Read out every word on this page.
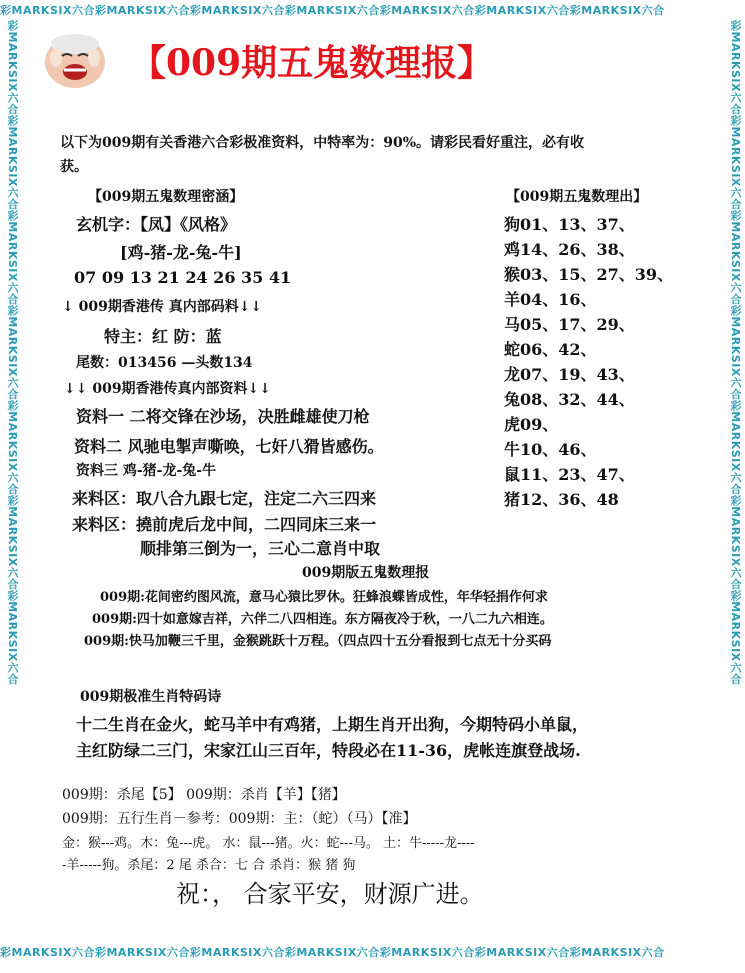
彩MARKSIX六合彩MARKSIX六合彩MARKSIX六合彩MARKSIX六合彩MARKSIX六合彩MARKSIX六合彩MARKSIX六合
彩MARKSIX六合彩MARKSIX六合彩MARKSIX六合彩MARKSIX六合彩MARKSIX六合彩MARKSIX六合彩MARKSIX六合
彩MARKSIX六合彩MARKSIX六合彩MARKSIX六合彩MARKSIX六合彩MARKSIX六合彩MARKSIX六合彩MARKSIX六合	彩MARKSIX六合彩MARKSIX六合彩MARKSIX六合彩MARKSIX六合彩MARKSIX六合彩MARKSIX六合彩MARKSIX六合
【009期五鬼数理报】
以下为009期有关香港六合彩极准资料，中特率为：90%。请彩民看好重注，必有收
获。
【009期五鬼数理密涵】
玄机字：【凤】《风格》
[鸡-猪-龙-兔-牛]
07 09 13 21 24 26 35 41
↓ 009期香港传 真内部码料↓↓
特主：红 防：蓝
尾数：013456 —头数134
↓↓ 009期香港传真内部资料↓↓
资料一 二将交锋在沙场，决胜雌雄使刀枪
资料二 风驰电掣声嘶唤，七奸八猾皆感伤。
资料三 鸡-猪-龙-兔-牛
来料区：取八合九跟七定，注定二六三四来
来料区：撓前虎后龙中间，二四同床三来一
顺排第三倒为一，三心二意肖中取
【009期五鬼数理出】
狗01、13、37、
鸡14、26、38、
猴03、15、27、39、
羊04、16、
马05、17、29、
蛇06、42、
龙07、19、43、
兔08、32、44、
虎09、
牛10、46、
鼠11、23、47、
猪12、36、48
009期版五鬼数理报
009期:花间密约图风流，意马心猿比罗休。狂蜂浪蝶皆成性，年华轻捐作何求
009期:四十如意嫁吉祥，六伴二八四相连。东方隔夜冷于秋，一八二九六相连。
009期:快马加鞭三千里，金猴跳跃十万程。（四点四十五分看报到七点无十分买码
009期极准生肖特码诗
十二生肖在金火，蛇马羊中有鸡猪，上期生肖开出狗，今期特码小单鼠，
主红防绿二三门，宋家江山三百年，特段必在11-36，虎帐连旗登战场.
009期：杀尾【5】 009期：杀肖【羊】【猪】
009期：五行生肖－参考：009期：主：（蛇）（马）【准】
金：猴---鸡。木：兔---虎。 水：鼠---猪。火：蛇---马。 土：牛-----龙----
-羊-----狗。杀尾：2 尾 杀合：七 合 杀肖：猴 猪 狗
祝：， 合家平安，财源广进。
